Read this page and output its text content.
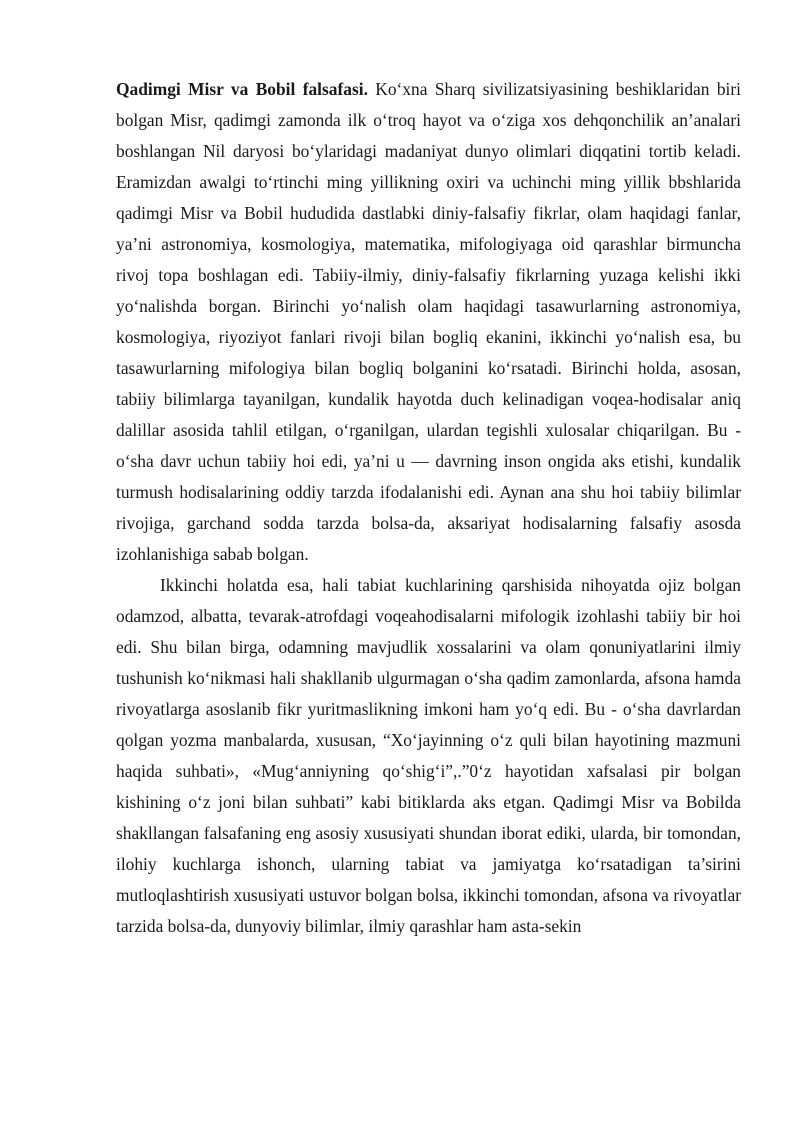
Qadimgi Misr va Bobil falsafasi. Ko‘xna Sharq sivilizatsiyasining beshiklaridan biri bolgan Misr, qadimgi zamonda ilk o‘troq hayot va o‘ziga xos dehqonchilik an’analari boshlangan Nil daryosi bo‘ylaridagi madaniyat dunyo olimlari diqqatini tortib keladi. Eramizdan awalgi to‘rtinchi ming yillikning oxiri va uchinchi ming yillik bbshlarida qadimgi Misr va Bobil hududida dastlabki diniy-falsafiy fikrlar, olam haqidagi fanlar, ya’ni astronomiya, kosmologiya, matematika, mifologiyaga oid qarashlar birmuncha rivoj topa boshlagan edi. Tabiiy-ilmiy, diniy-falsafiy fikrlarning yuzaga kelishi ikki yo‘nalishda borgan. Birinchi yo‘nalish olam haqidagi tasawurlarning astronomiya, kosmologiya, riyoziyot fanlari rivoji bilan bogliq ekanini, ikkinchi yo‘nalish esa, bu tasawurlarning mifologiya bilan bogliq bolganini ko‘rsatadi. Birinchi holda, asosan, tabiiy bilimlarga tayanilgan, kundalik hayotda duch kelinadigan voqea-hodisalar aniq dalillar asosida tahlil etilgan, o‘rganilgan, ulardan tegishli xulosalar chiqarilgan. Bu - o‘sha davr uchun tabiiy hoi edi, ya’ni u — davrning inson ongida aks etishi, kundalik turmush hodisalarining oddiy tarzda ifodalanishi edi. Aynan ana shu hoi tabiiy bilimlar rivojiga, garchand sodda tarzda bolsa-da, aksariyat hodisalarning falsafiy asosda izohlanishiga sabab bolgan.

Ikkinchi holatda esa, hali tabiat kuchlarining qarshisida nihoyatda ojiz bolgan odamzod, albatta, tevarak-atrofdagi voqeahodisalarni mifologik izohlashi tabiiy bir hoi edi. Shu bilan birga, odamning mavjudlik xossalarini va olam qonuniyatlarini ilmiy tushunish ko‘nikmasi hali shakllanib ulgurmagan o‘sha qadim zamonlarda, afsona hamda rivoyatlarga asoslanib fikr yuritmaslikning imkoni ham yo‘q edi. Bu - o‘sha davrlardan qolgan yozma manbalarda, xususan, “Xo‘jayinning o‘z quli bilan hayotining mazmuni haqida suhbati», «Mug‘anniyning qo‘shig‘i”,.”0‘z hayotidan xafsalasi pir bolgan kishining o‘z joni bilan suhbati” kabi bitiklarda aks etgan. Qadimgi Misr va Bobilda shakllangan falsafaning eng asosiy xususiyati shundan iborat ediki, ularda, bir tomondan, ilohiy kuchlarga ishonch, ularning tabiat va jamiyatga ko‘rsatadigan ta’sirini mutloqlashtirish xususiyati ustuvor bolgan bolsa, ikkinchi tomondan, afsona va rivoyatlar tarzida bolsa-da, dunyoviy bilimlar, ilmiy qarashlar ham asta-sekin
